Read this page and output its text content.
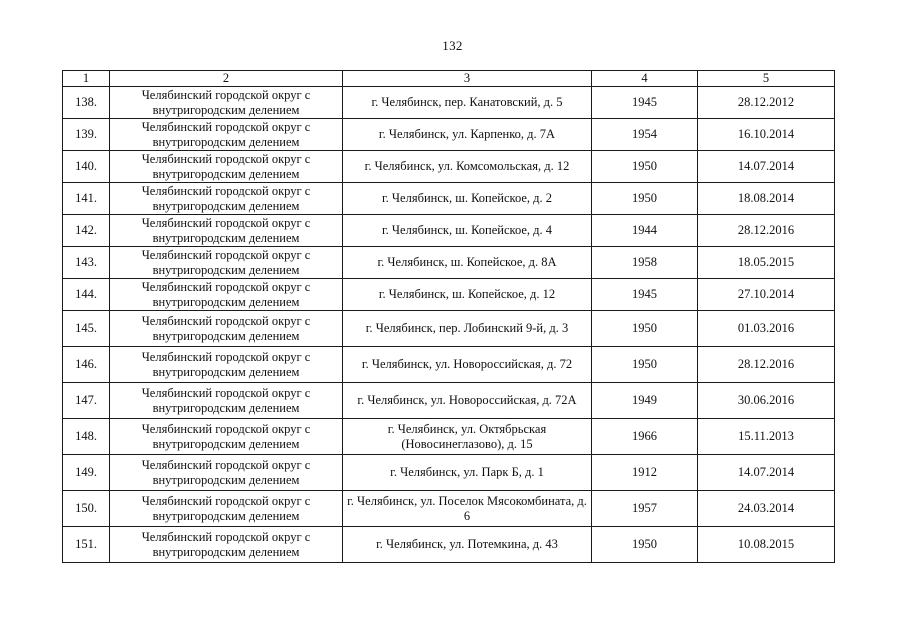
132
1	2	3	4	5
138.	Челябинский городской округ с внутригородским делением	г. Челябинск, пер. Канатовский, д. 5	1945	28.12.2012
139.	Челябинский городской округ с внутригородским делением	г. Челябинск, ул. Карпенко, д. 7А	1954	16.10.2014
140.	Челябинский городской округ с внутригородским делением	г. Челябинск, ул. Комсомольская, д. 12	1950	14.07.2014
141.	Челябинский городской округ с внутригородским делением	г. Челябинск, ш. Копейское, д. 2	1950	18.08.2014
142.	Челябинский городской округ с внутригородским делением	г. Челябинск, ш. Копейское, д. 4	1944	28.12.2016
143.	Челябинский городской округ с внутригородским делением	г. Челябинск, ш. Копейское, д. 8А	1958	18.05.2015
144.	Челябинский городской округ с внутригородским делением	г. Челябинск, ш. Копейское, д. 12	1945	27.10.2014
145.	Челябинский городской округ с внутригородским делением	г. Челябинск, пер. Лобинский 9-й, д. 3	1950	01.03.2016
146.	Челябинский городской округ с внутригородским делением	г. Челябинск, ул. Новороссийская, д. 72	1950	28.12.2016
147.	Челябинский городской округ с внутригородским делением	г. Челябинск, ул. Новороссийская, д. 72А	1949	30.06.2016
148.	Челябинский городской округ с внутригородским делением	г. Челябинск, ул. Октябрьская (Новосинеглазово), д. 15	1966	15.11.2013
149.	Челябинский городской округ с внутригородским делением	г. Челябинск, ул. Парк Б, д. 1	1912	14.07.2014
150.	Челябинский городской округ с внутригородским делением	г. Челябинск, ул. Поселок Мясокомбината, д. 6	1957	24.03.2014
151.	Челябинский городской округ с внутригородским делением	г. Челябинск, ул. Потемкина, д. 43	1950	10.08.2015
